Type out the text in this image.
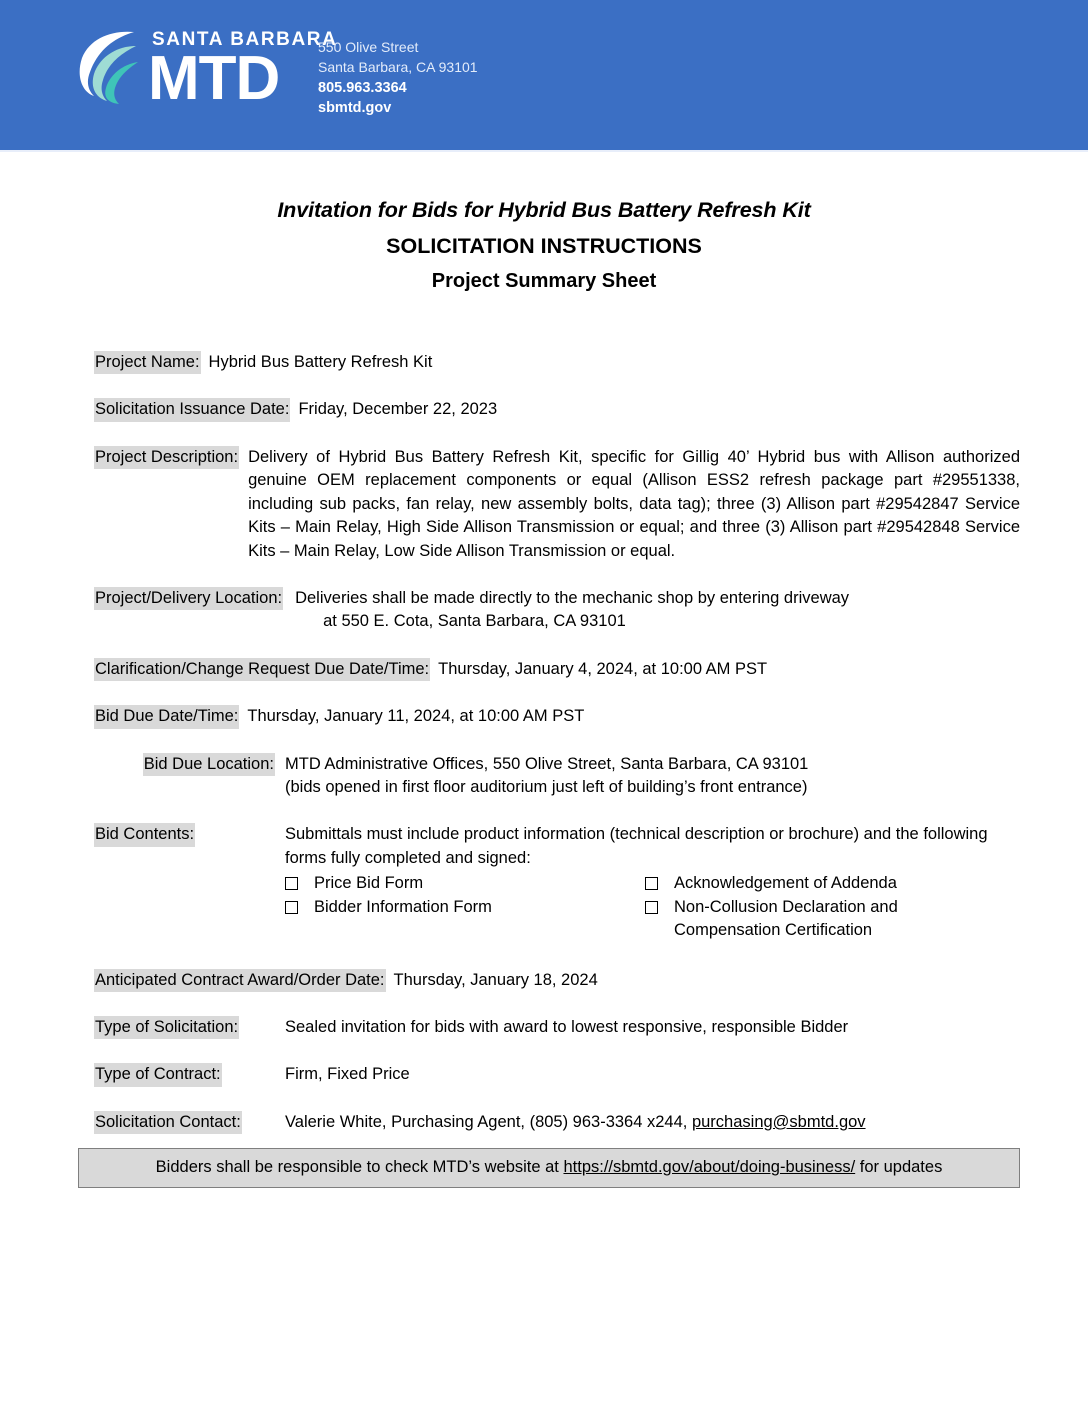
SANTA BARBARA
MTD	550 Olive Street
Santa Barbara, CA 93101
805.963.3364
sbmtd.gov
Invitation for Bids for Hybrid Bus Battery Refresh Kit
SOLICITATION INSTRUCTIONS
Project Summary Sheet
Project Name: Hybrid Bus Battery Refresh Kit
Solicitation Issuance Date: Friday, December 22, 2023
Project Description: Delivery of Hybrid Bus Battery Refresh Kit, specific for Gillig 40’ Hybrid bus with Allison authorized genuine OEM replacement components or equal (Allison ESS2 refresh package part #29551338, including sub packs, fan relay, new assembly bolts, data tag); three (3) Allison part #29542847 Service Kits – Main Relay, High Side Allison Transmission or equal; and three (3) Allison part #29542848 Service Kits – Main Relay, Low Side Allison Transmission or equal.
Project/Delivery Location: Deliveries shall be made directly to the mechanic shop by entering driveway
at 550 E. Cota, Santa Barbara, CA 93101
Clarification/Change Request Due Date/Time: Thursday, January 4, 2024, at 10:00 AM PST
Bid Due Date/Time: Thursday, January 11, 2024, at 10:00 AM PST
Bid Due Location: MTD Administrative Offices, 550 Olive Street, Santa Barbara, CA 93101
(bids opened in first floor auditorium just left of building’s front entrance)
Bid Contents:	Submittals must include product information (technical description or brochure) and the following forms fully completed and signed:
Price Bid Form
Bidder Information Form
Acknowledgement of Addenda
Non-Collusion Declaration and Compensation Certification
Anticipated Contract Award/Order Date: Thursday, January 18, 2024
Type of Solicitation:	Sealed invitation for bids with award to lowest responsive, responsible Bidder
Type of Contract:	Firm, Fixed Price
Solicitation Contact:	Valerie White, Purchasing Agent, (805) 963-3364 x244, purchasing@sbmtd.gov
Bidders shall be responsible to check MTD’s website at https://sbmtd.gov/about/doing-business/ for updates
